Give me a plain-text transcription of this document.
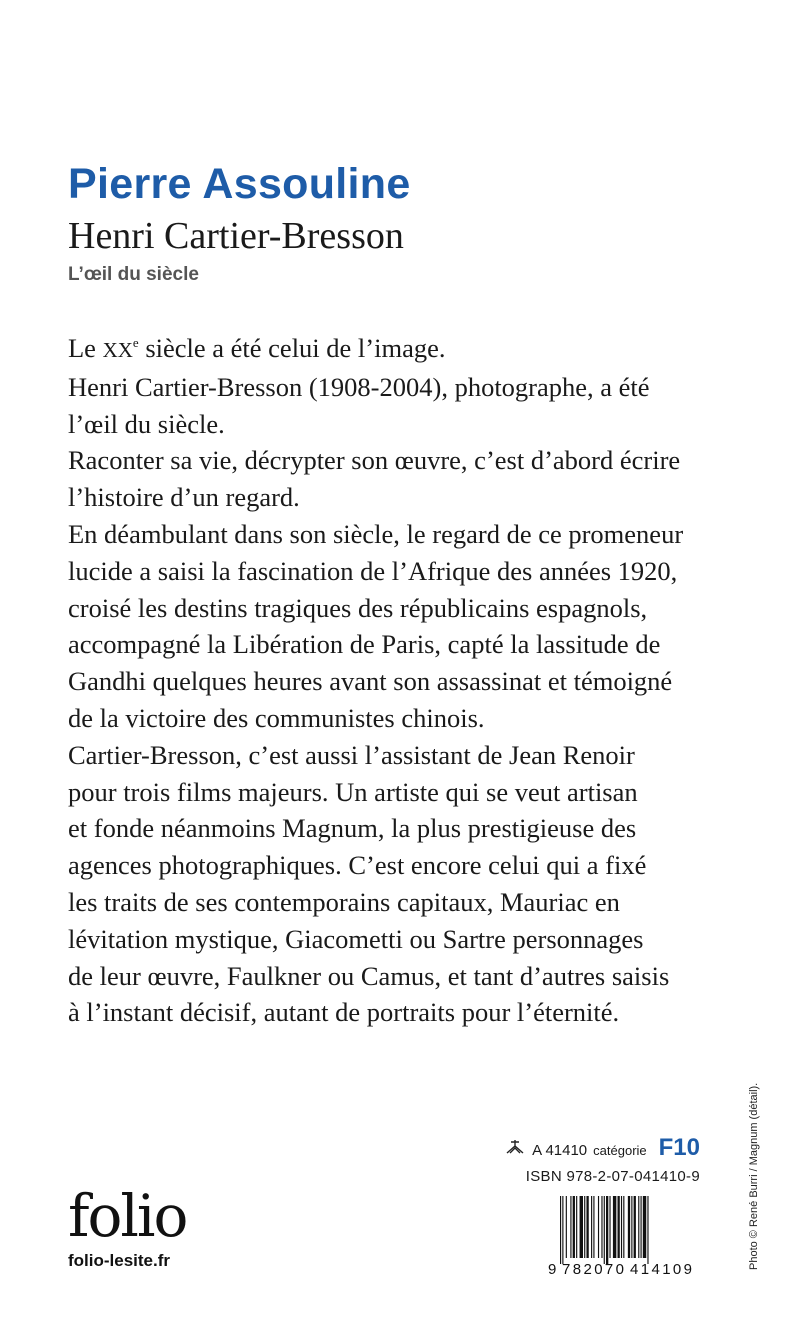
Pierre Assouline
Henri Cartier-Bresson
L’œil du siècle

Le XXe siècle a été celui de l’image.

Henri Cartier-Bresson (1908-2004), photographe, a été

l’œil du siècle.

Raconter sa vie, décrypter son œuvre, c’est d’abord écrire

l’histoire d’un regard.

En déambulant dans son siècle, le regard de ce promeneur

lucide a saisi la fascination de l’Afrique des années 1920,

croisé les destins tragiques des républicains espagnols,

accompagné la Libération de Paris, capté la lassitude de

Gandhi quelques heures avant son assassinat et témoigné

de la victoire des communistes chinois.

Cartier-Bresson, c’est aussi l’assistant de Jean Renoir

pour trois films majeurs. Un artiste qui se veut artisan

et fonde néanmoins Magnum, la plus prestigieuse des

agences photographiques. C’est encore celui qui a fixé

les traits de ses contemporains capitaux, Mauriac en

lévitation mystique, Giacometti ou Sartre personnages

de leur œuvre, Faulkner ou Camus, et tant d’autres saisis

à l’instant décisif, autant de portraits pour l’éternité.

A 41410 catégorie F10
ISBN 978-2-07-041410-9
folio
folio-lesite.fr	9 782070 414109	Photo © René Burri / Magnum (détail).
